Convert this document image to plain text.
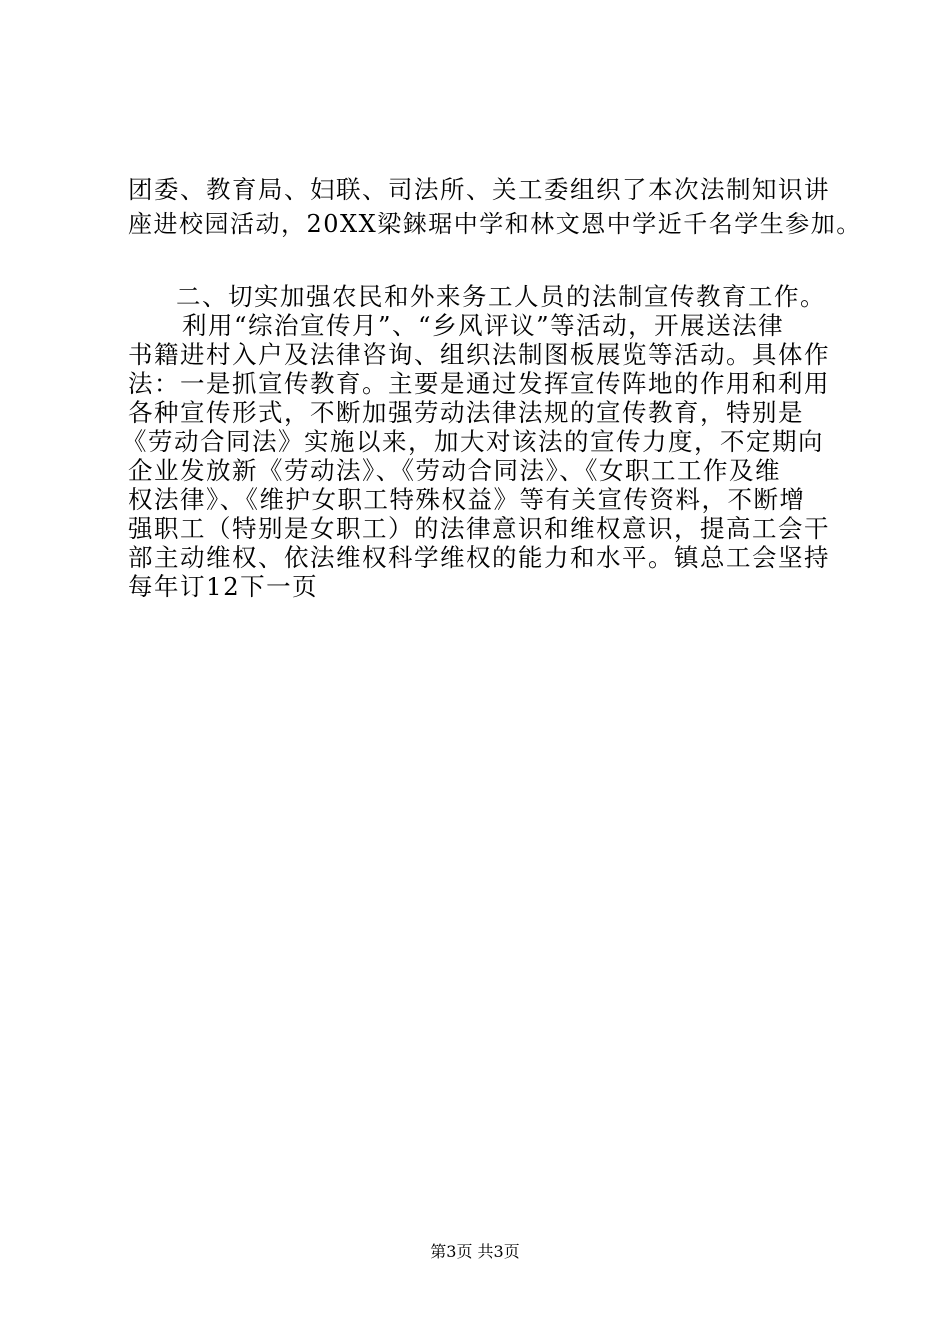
团委、教育局、妇联、司法所、关工委组织了本次法制知识讲

座进校园活动，20XX梁錸琚中学和林文恩中学近千名学生参加。

二、切实加强农民和外来务工人员的法制宣传教育工作。

利用“综治宣传月”、“乡风评议”等活动，开展送法律

书籍进村入户及法律咨询、组织法制图板展览等活动。具体作

法：一是抓宣传教育。主要是通过发挥宣传阵地的作用和利用

各种宣传形式，不断加强劳动法律法规的宣传教育，特别是

《劳动合同法》实施以来，加大对该法的宣传力度，不定期向

企业发放新《劳动法》、《劳动合同法》、《女职工工作及维

权法律》、《维护女职工特殊权益》等有关宣传资料，不断增

强职工（特别是女职工）的法律意识和维权意识，提高工会干

部主动维权、依法维权科学维权的能力和水平。镇总工会坚持

每年订12下一页

第3页 共3页
